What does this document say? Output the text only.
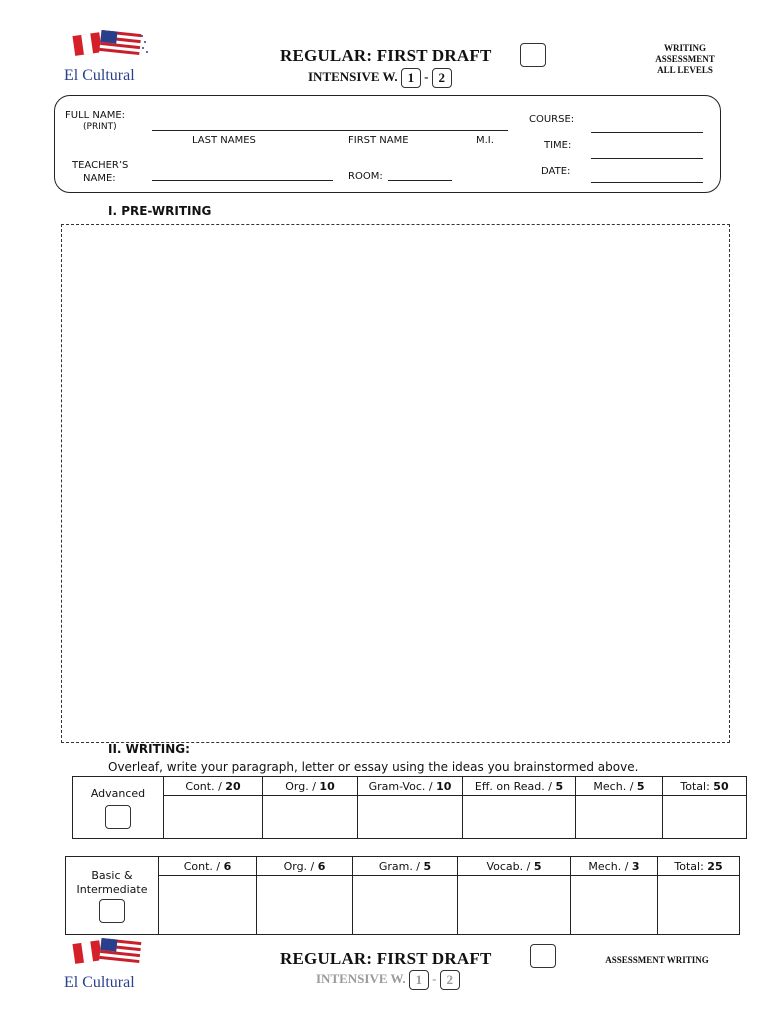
El Cultural
REGULAR: FIRST DRAFT
INTENSIVE W. 1 - 2
WRITING
ASSESSMENT
ALL LEVELS
FULL NAME:
(PRINT)
LAST NAMES	FIRST NAME	M.I.
TEACHER’S
NAME:	ROOM:
COURSE:
TIME:
DATE:
I. PRE-WRITING
II. WRITING:
Overleaf, write your paragraph, letter or essay using the ideas you brainstormed above.
Advanced	Cont. / 20	Org. / 10	Gram-Voc. / 10	Eff. on Read. / 5	Mech. / 5	Total: 50

Basic &
Intermediate	Cont. / 6	Org. / 6	Gram. / 5	Vocab. / 5	Mech. / 3	Total: 25

El Cultural
REGULAR: FIRST DRAFT
INTENSIVE W. 1 - 2
ASSESSMENT WRITING
